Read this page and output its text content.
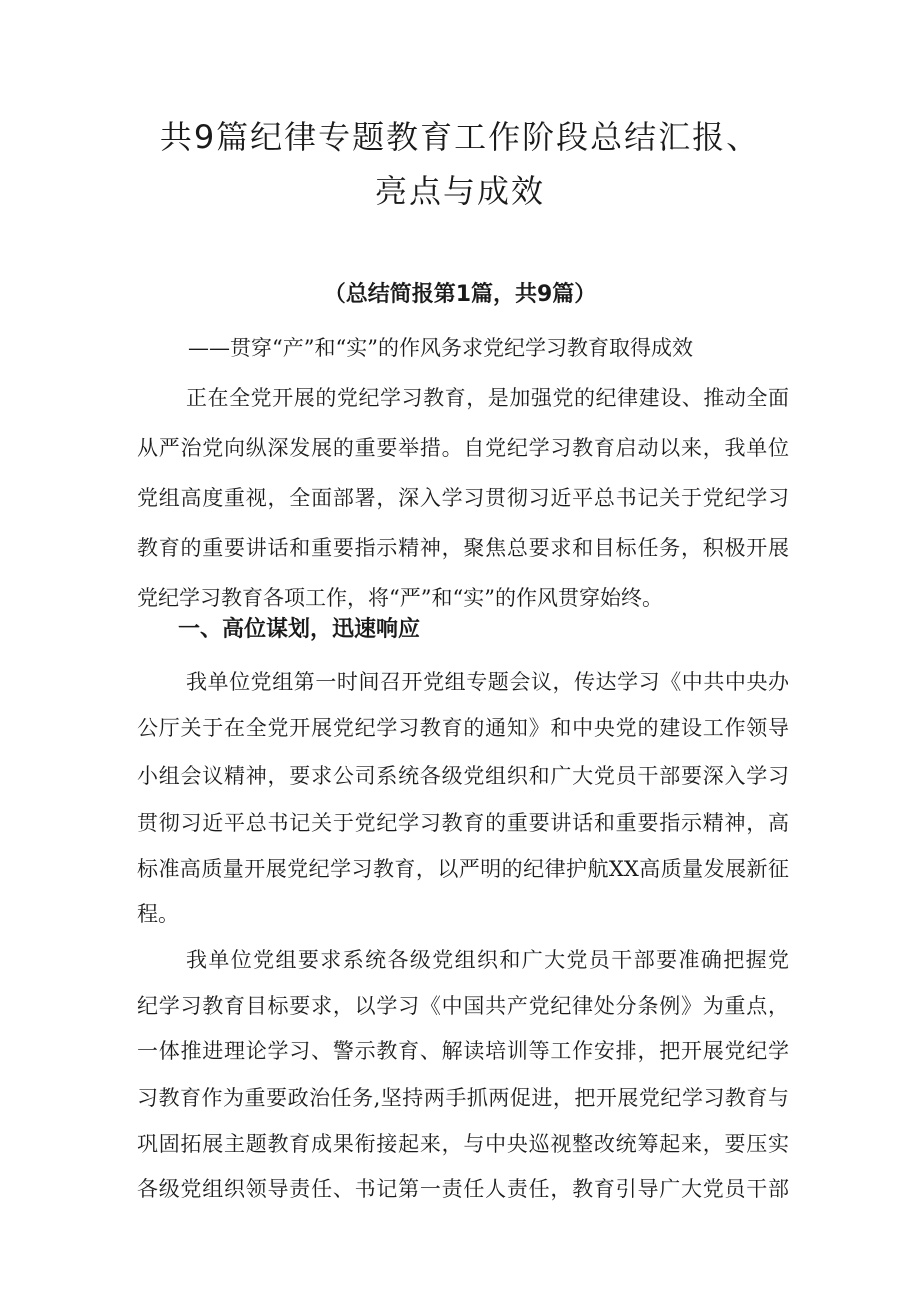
共9篇纪律专题教育工作阶段总结汇报、
亮点与成效
（总结简报第1篇，共9篇）
——贯穿“产”和“实”的作风务求党纪学习教育取得成效
正在全党开展的党纪学习教育，是加强党的纪律建设、推动全面
从严治党向纵深发展的重要举措。自党纪学习教育启动以来，我单位
党组高度重视，全面部署，深入学习贯彻习近平总书记关于党纪学习
教育的重要讲话和重要指示精神，聚焦总要求和目标任务，积极开展
党纪学习教育各项工作，将“严”和“实”的作风贯穿始终。
一、高位谋划，迅速响应
我单位党组第一时间召开党组专题会议，传达学习《中共中央办
公厅关于在全党开展党纪学习教育的通知》和中央党的建设工作领导
小组会议精神，要求公司系统各级党组织和广大党员干部要深入学习
贯彻习近平总书记关于党纪学习教育的重要讲话和重要指示精神，高
标准高质量开展党纪学习教育，以严明的纪律护航XX高质量发展新征
程。
我单位党组要求系统各级党组织和广大党员干部要准确把握党
纪学习教育目标要求，以学习《中国共产党纪律处分条例》为重点，
一体推进理论学习、警示教育、解读培训等工作安排，把开展党纪学
习教育作为重要政治任务,坚持两手抓两促进，把开展党纪学习教育与
巩固拓展主题教育成果衔接起来，与中央巡视整改统筹起来，要压实
各级党组织领导责任、书记第一责任人责任，教育引导广大党员干部
